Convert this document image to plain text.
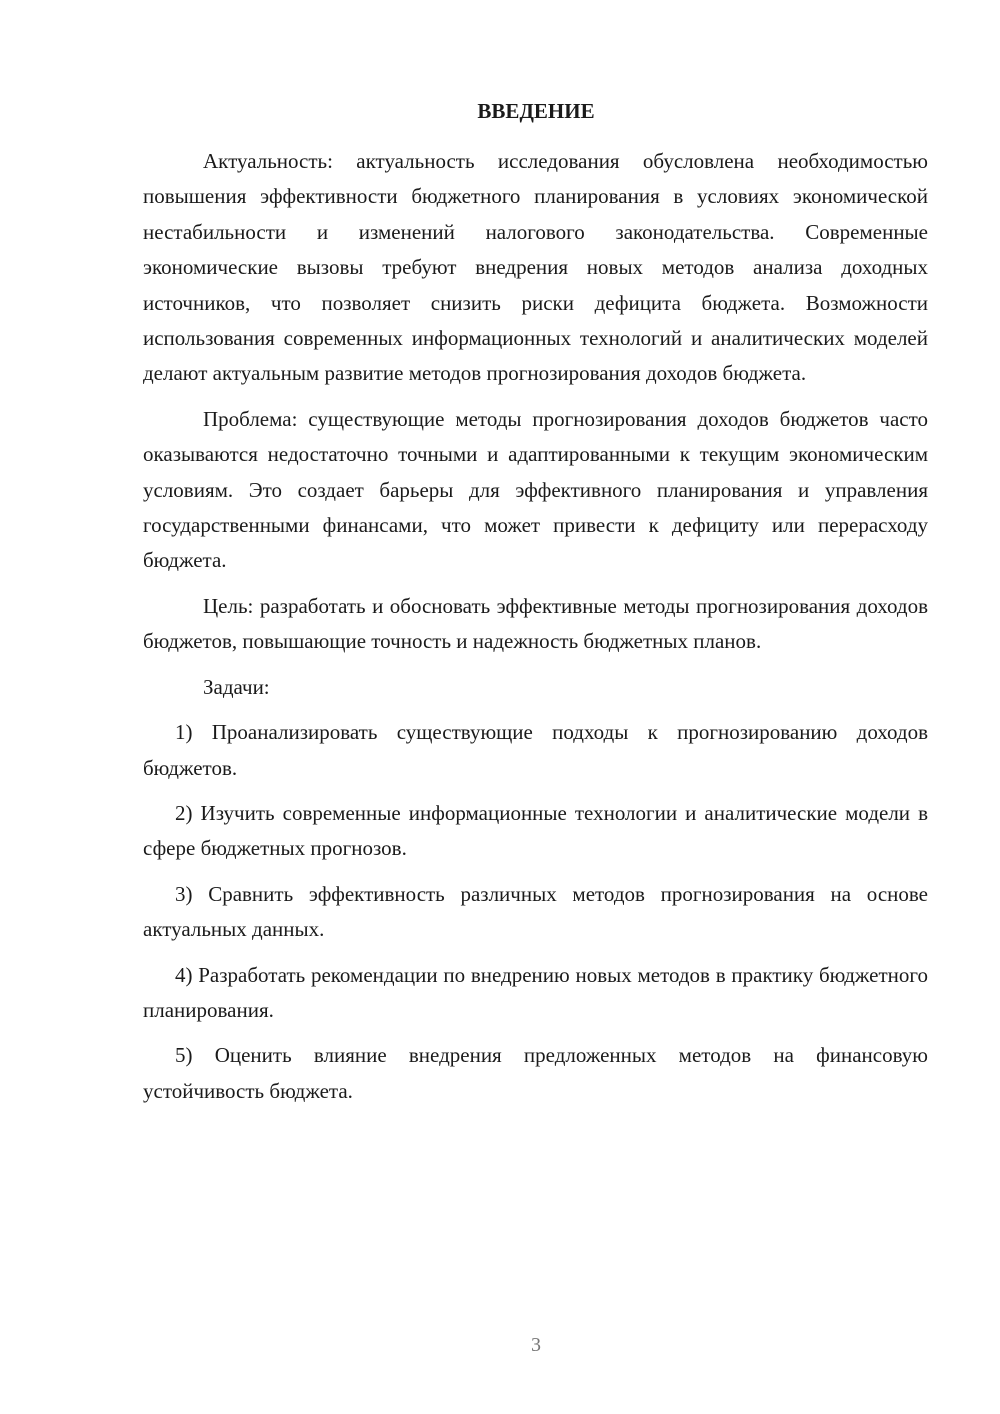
ВВЕДЕНИЕ

Актуальность: актуальность исследования обусловлена необходимостью повышения эффективности бюджетного планирования в условиях экономической нестабильности и изменений налогового законодательства. Современные экономические вызовы требуют внедрения новых методов анализа доходных источников, что позволяет снизить риски дефицита бюджета. Возможности использования современных информационных технологий и аналитических моделей делают актуальным развитие методов прогнозирования доходов бюджета.

Проблема: существующие методы прогнозирования доходов бюджетов часто оказываются недостаточно точными и адаптированными к текущим экономическим условиям. Это создает барьеры для эффективного планирования и управления государственными финансами, что может привести к дефициту или перерасходу бюджета.

Цель: разработать и обосновать эффективные методы прогнозирования доходов бюджетов, повышающие точность и надежность бюджетных планов.

Задачи:

1) Проанализировать существующие подходы к прогнозированию доходов бюджетов.

2) Изучить современные информационные технологии и аналитические модели в сфере бюджетных прогнозов.

3) Сравнить эффективность различных методов прогнозирования на основе актуальных данных.

4) Разработать рекомендации по внедрению новых методов в практику бюджетного планирования.

5) Оценить влияние внедрения предложенных методов на финансовую устойчивость бюджета.

3
